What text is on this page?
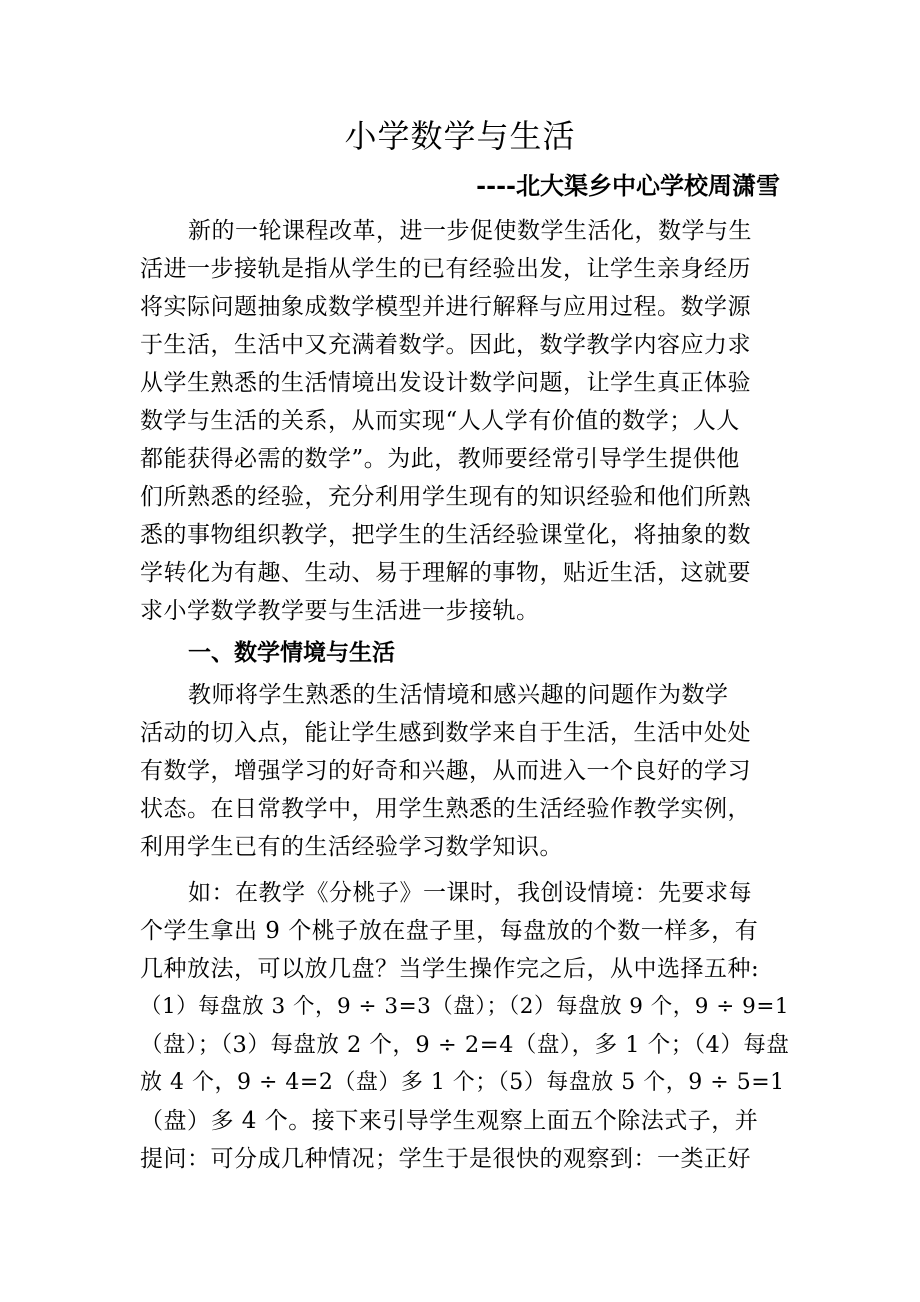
小学数学与生活
----北大渠乡中心学校周潇雪
新的一轮课程改革，进一步促使数学生活化，数学与生
活进一步接轨是指从学生的已有经验出发，让学生亲身经历
将实际问题抽象成数学模型并进行解释与应用过程。数学源
于生活，生活中又充满着数学。因此，数学教学内容应力求
从学生熟悉的生活情境出发设计数学问题，让学生真正体验
数学与生活的关系，从而实现“人人学有价值的数学；人人
都能获得必需的数学”。为此，教师要经常引导学生提供他
们所熟悉的经验，充分利用学生现有的知识经验和他们所熟
悉的事物组织教学，把学生的生活经验课堂化，将抽象的数
学转化为有趣、生动、易于理解的事物，贴近生活，这就要
求小学数学教学要与生活进一步接轨。
一、数学情境与生活
教师将学生熟悉的生活情境和感兴趣的问题作为数学
活动的切入点，能让学生感到数学来自于生活，生活中处处
有数学，增强学习的好奇和兴趣，从而进入一个良好的学习
状态。在日常教学中，用学生熟悉的生活经验作教学实例，
利用学生已有的生活经验学习数学知识。
如：在教学《分桃子》一课时，我创设情境：先要求每
个学生拿出 9 个桃子放在盘子里，每盘放的个数一样多，有
几种放法，可以放几盘？当学生操作完之后，从中选择五种:
（1）每盘放 3 个，9 ÷ 3=3（盘）；（2）每盘放 9 个，9 ÷ 9=1
（盘）；（3）每盘放 2 个，9 ÷ 2=4（盘），多 1 个；（4）每盘
放 4 个，9 ÷ 4=2（盘）多 1 个；（5）每盘放 5 个，9 ÷ 5=1
（盘）多 4 个。接下来引导学生观察上面五个除法式子，并
提问：可分成几种情况；学生于是很快的观察到：一类正好
